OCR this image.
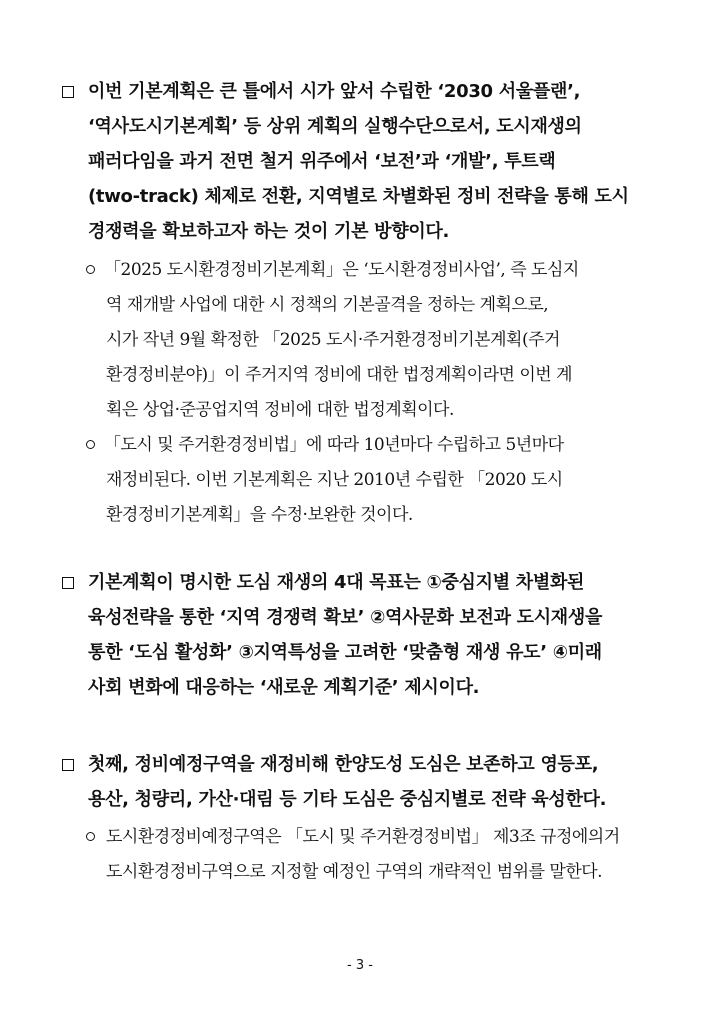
이번 기본계획은 큰 틀에서 시가 앞서 수립한 ‘2030 서울플랜’,
‘역사도시기본계획’ 등 상위 계획의 실행수단으로서, 도시재생의
패러다임을 과거 전면 철거 위주에서 ‘보전’과 ‘개발’, 투트랙
(two-track) 체제로 전환, 지역별로 차별화된 정비 전략을 통해 도시
경쟁력을 확보하고자 하는 것이 기본 방향이다.
「2025 도시환경정비기본계획」은 ‘도시환경정비사업’, 즉 도심지
역 재개발 사업에 대한 시 정책의 기본골격을 정하는 계획으로,
시가 작년 9월 확정한 「2025 도시·주거환경정비기본계획(주거
환경정비분야)」이 주거지역 정비에 대한 법정계획이라면 이번 계
획은 상업·준공업지역 정비에 대한 법정계획이다.
「도시 및 주거환경정비법」에 따라 10년마다 수립하고 5년마다
재정비된다. 이번 기본계획은 지난 2010년 수립한 「2020 도시
환경정비기본계획」을 수정·보완한 것이다.
기본계획이 명시한 도심 재생의 4대 목표는 ①중심지별 차별화된
육성전략을 통한 ‘지역 경쟁력 확보’ ②역사문화 보전과 도시재생을
통한 ‘도심 활성화’ ③지역특성을 고려한 ‘맞춤형 재생 유도’ ④미래
사회 변화에 대응하는 ‘새로운 계획기준’ 제시이다.
첫째, 정비예정구역을 재정비해 한양도성 도심은 보존하고 영등포,
용산, 청량리, 가산·대림 등 기타 도심은 중심지별로 전략 육성한다.
도시환경정비예정구역은 「도시 및 주거환경정비법」 제3조 규정에의거
도시환경정비구역으로 지정할 예정인 구역의 개략적인 범위를 말한다.
- 3 -
